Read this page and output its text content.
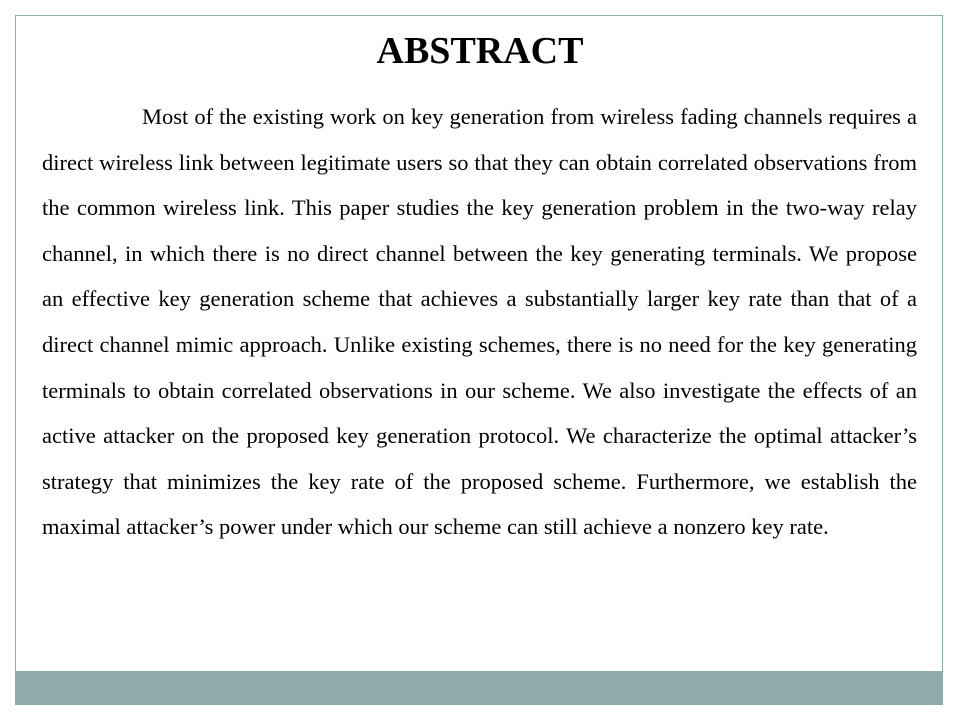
ABSTRACT

Most of the existing work on key generation from wireless fading channels requires a direct wireless link between legitimate users so that they can obtain correlated observations from the common wireless link. This paper studies the key generation problem in the two-way relay channel, in which there is no direct channel between the key generating terminals. We propose an effective key generation scheme that achieves a substantially larger key rate than that of a direct channel mimic approach. Unlike existing schemes, there is no need for the key generating terminals to obtain correlated observations in our scheme. We also investigate the effects of an active attacker on the proposed key generation protocol. We characterize the optimal attacker’s strategy that minimizes the key rate of the proposed scheme. Furthermore, we establish the maximal attacker’s power under which our scheme can still achieve a nonzero key rate.
